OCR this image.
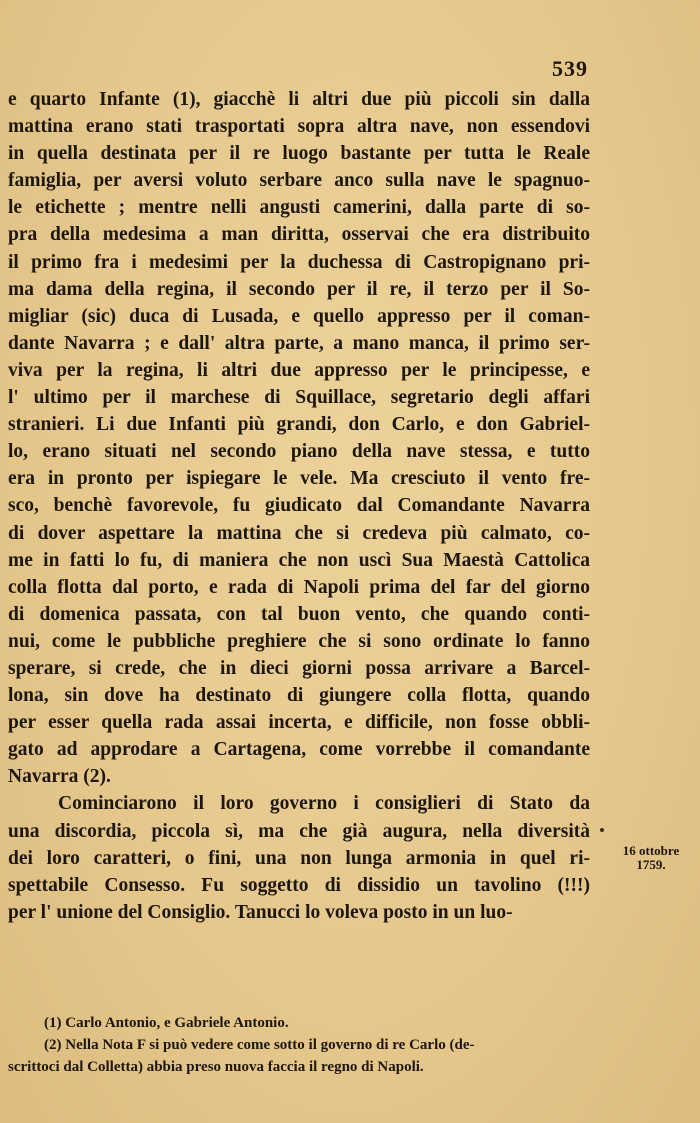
539
e quarto Infante (1), giacchè li altri due più piccoli sin dalla
mattina erano stati trasportati sopra altra nave, non essendovi
in quella destinata per il re luogo bastante per tutta le Reale
famiglia, per aversi voluto serbare anco sulla nave le spagnuo-
le etichette ; mentre nelli angusti camerini, dalla parte di so-
pra della medesima a man diritta, osservai che era distribuito
il primo fra i medesimi per la duchessa di Castropignano pri-
ma dama della regina, il secondo per il re, il terzo per il So-
migliar (sic) duca di Lusada, e quello appresso per il coman-
dante Navarra ; e dall' altra parte, a mano manca, il primo ser-
viva per la regina, li altri due appresso per le principesse, e
l' ultimo per il marchese di Squillace, segretario degli affari
stranieri. Li due Infanti più grandi, don Carlo, e don Gabriel-
lo, erano situati nel secondo piano della nave stessa, e tutto
era in pronto per ispiegare le vele. Ma cresciuto il vento fre-
sco, benchè favorevole, fu giudicato dal Comandante Navarra
di dover aspettare la mattina che si credeva più calmato, co-
me in fatti lo fu, di maniera che non uscì Sua Maestà Cattolica
colla flotta dal porto, e rada di Napoli prima del far del giorno
di domenica passata, con tal buon vento, che quando conti-
nui, come le pubbliche preghiere che si sono ordinate lo fanno
sperare, si crede, che in dieci giorni possa arrivare a Barcel-
lona, sin dove ha destinato di giungere colla flotta, quando
per esser quella rada assai incerta, e difficile, non fosse obbli-
gato ad approdare a Cartagena, come vorrebbe il comandante
Navarra (2).
Cominciarono il loro governo i consiglieri di Stato da
una discordia, piccola sì, ma che già augura, nella diversità
dei loro caratteri, o fini, una non lunga armonia in quel ri-
spettabile Consesso. Fu soggetto di dissidio un tavolino (!!!)
per l' unione del Consiglio. Tanucci lo voleva posto in un luo-
16 ottobre
1759.
(1) Carlo Antonio, e Gabriele Antonio.
(2) Nella Nota F si può vedere come sotto il governo di re Carlo (de-
scrittoci dal Colletta) abbia preso nuova faccia il regno di Napoli.
